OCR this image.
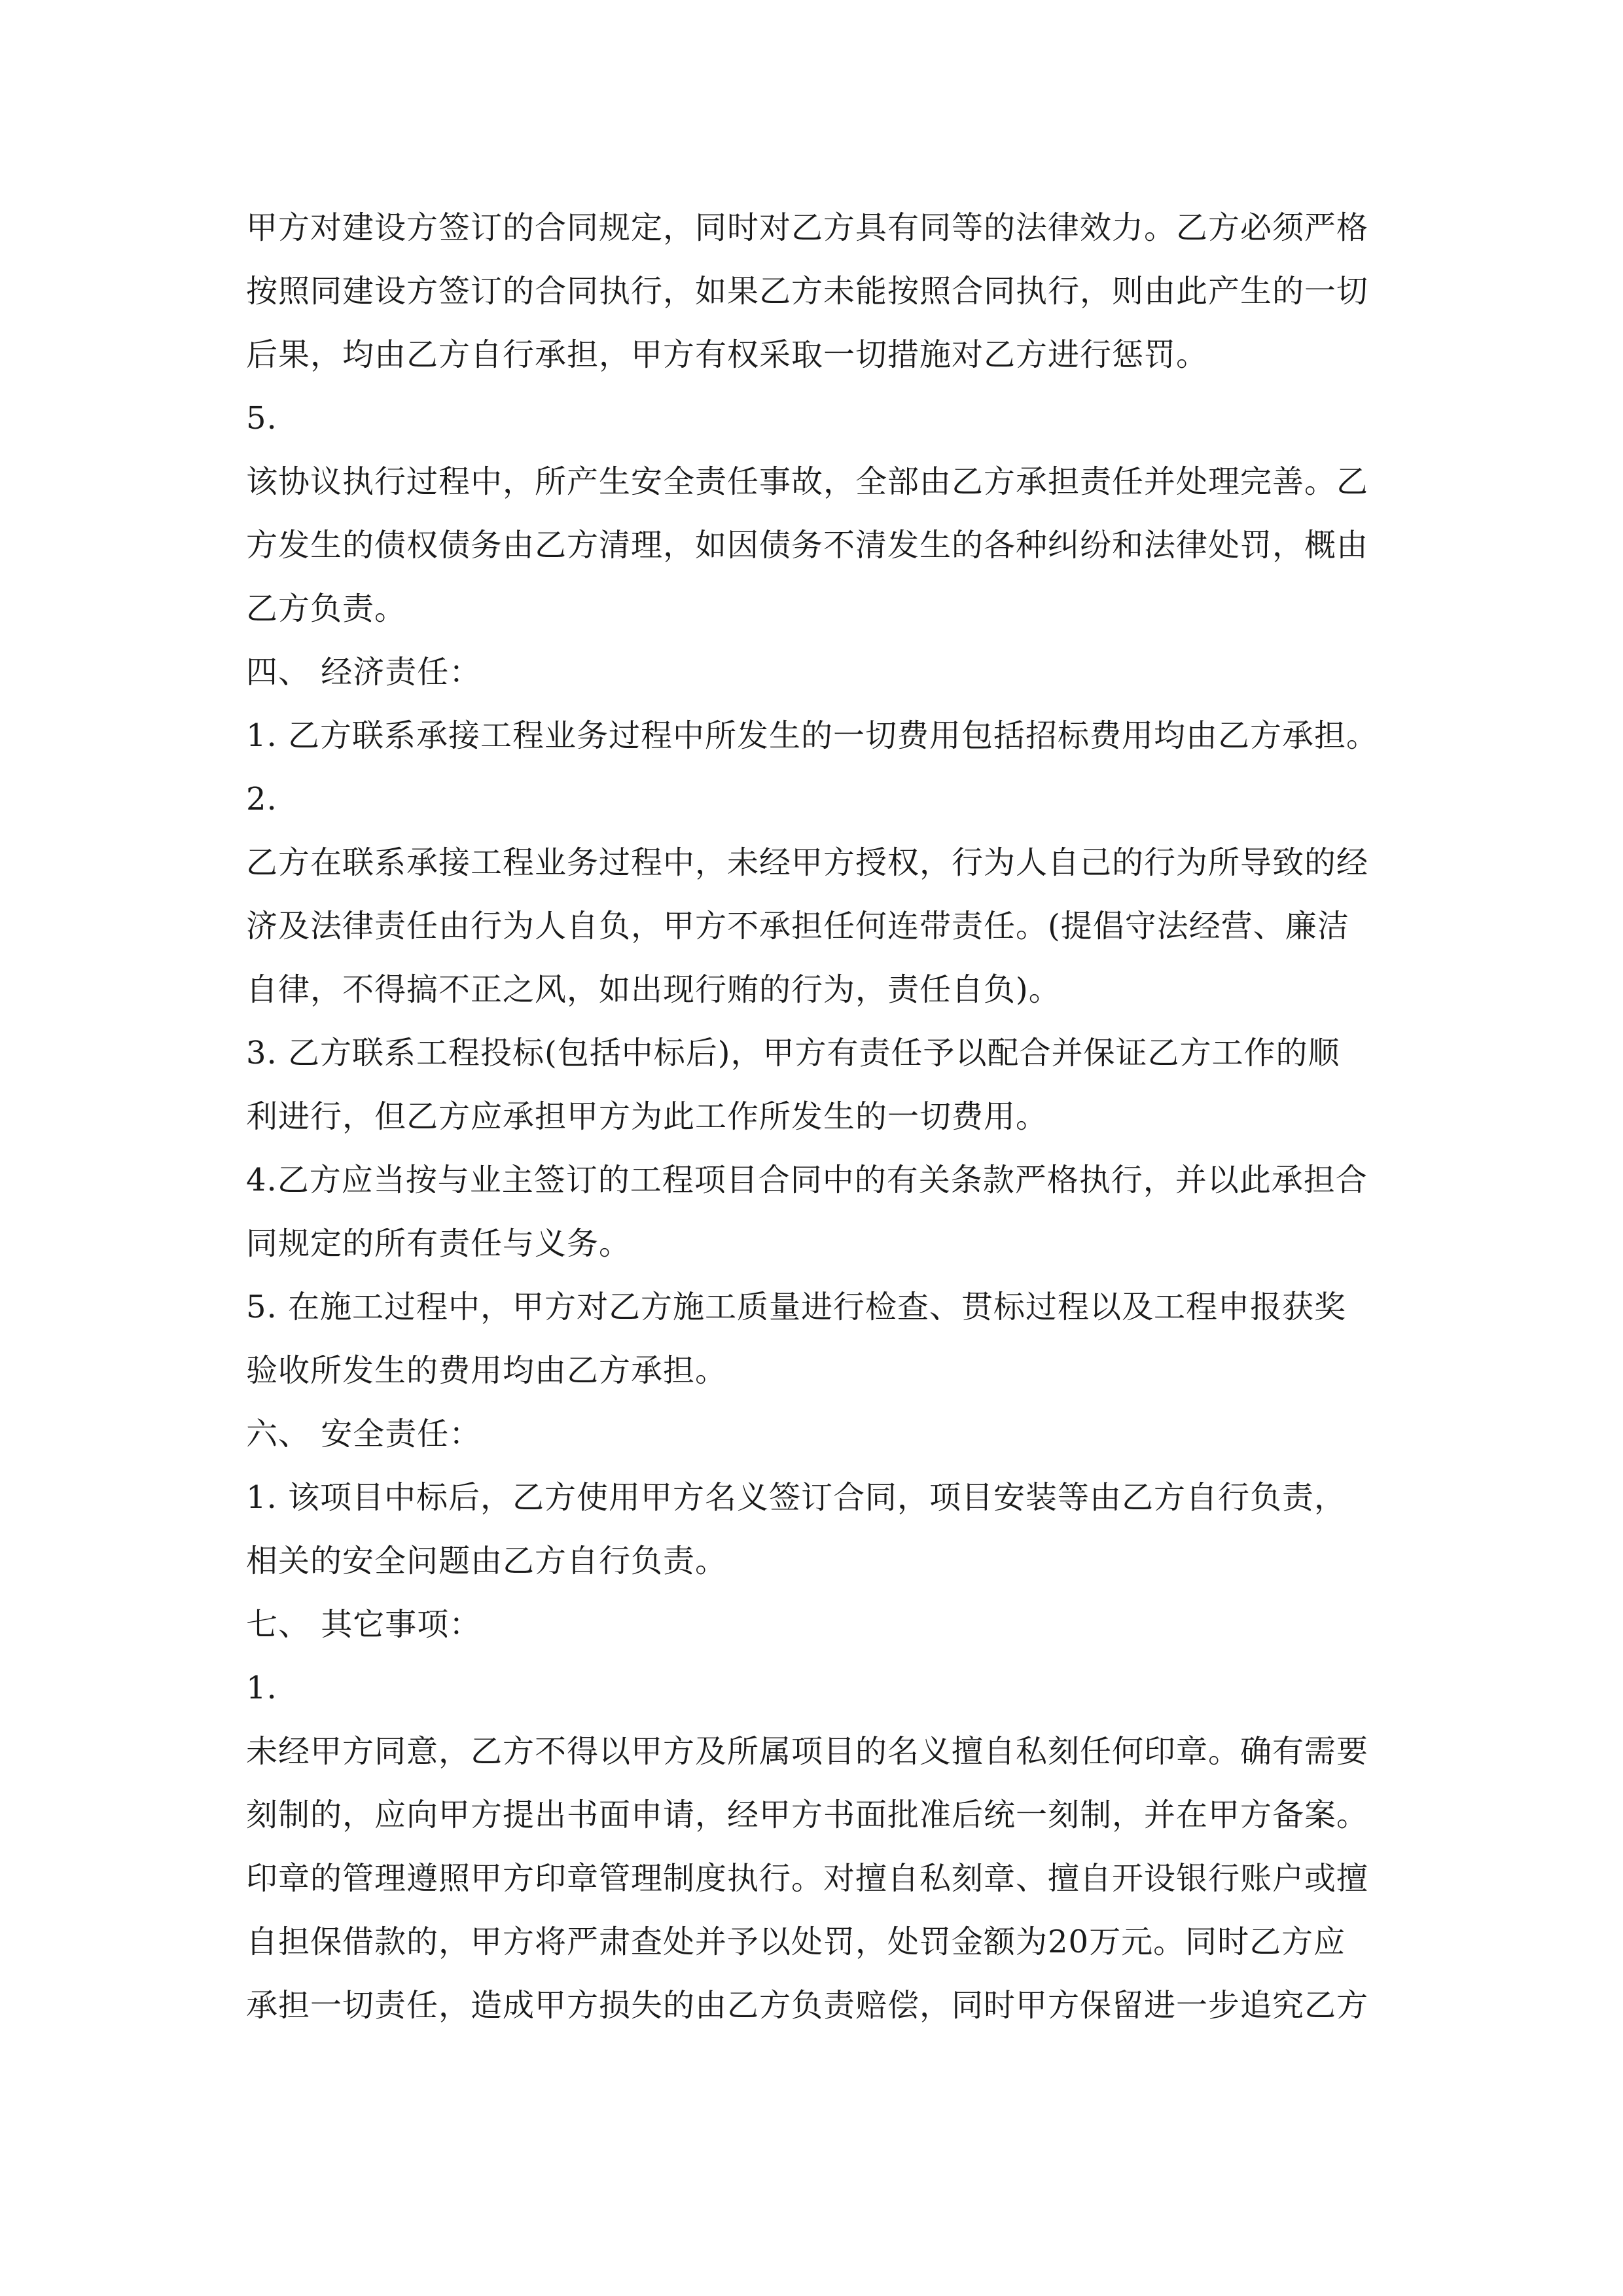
甲方对建设方签订的合同规定，同时对乙方具有同等的法律效力。乙方必须严格
按照同建设方签订的合同执行，如果乙方未能按照合同执行，则由此产生的一切
后果，均由乙方自行承担，甲方有权采取一切措施对乙方进行惩罚。
5.
该协议执行过程中，所产生安全责任事故，全部由乙方承担责任并处理完善。乙
方发生的债权债务由乙方清理，如因债务不清发生的各种纠纷和法律处罚，概由
乙方负责。
四、 经济责任：
1. 乙方联系承接工程业务过程中所发生的一切费用包括招标费用均由乙方承担。
2.
乙方在联系承接工程业务过程中，未经甲方授权，行为人自己的行为所导致的经
济及法律责任由行为人自负，甲方不承担任何连带责任。(提倡守法经营、廉洁
自律，不得搞不正之风，如出现行贿的行为，责任自负)。
3. 乙方联系工程投标(包括中标后)，甲方有责任予以配合并保证乙方工作的顺
利进行，但乙方应承担甲方为此工作所发生的一切费用。
4.乙方应当按与业主签订的工程项目合同中的有关条款严格执行，并以此承担合
同规定的所有责任与义务。
5. 在施工过程中，甲方对乙方施工质量进行检查、贯标过程以及工程申报获奖
验收所发生的费用均由乙方承担。
六、 安全责任：
1. 该项目中标后，乙方使用甲方名义签订合同，项目安装等由乙方自行负责，
相关的安全问题由乙方自行负责。
七、 其它事项：
1.
未经甲方同意，乙方不得以甲方及所属项目的名义擅自私刻任何印章。确有需要
刻制的，应向甲方提出书面申请，经甲方书面批准后统一刻制，并在甲方备案。
印章的管理遵照甲方印章管理制度执行。对擅自私刻章、擅自开设银行账户或擅
自担保借款的，甲方将严肃查处并予以处罚，处罚金额为20万元。同时乙方应
承担一切责任，造成甲方损失的由乙方负责赔偿，同时甲方保留进一步追究乙方
